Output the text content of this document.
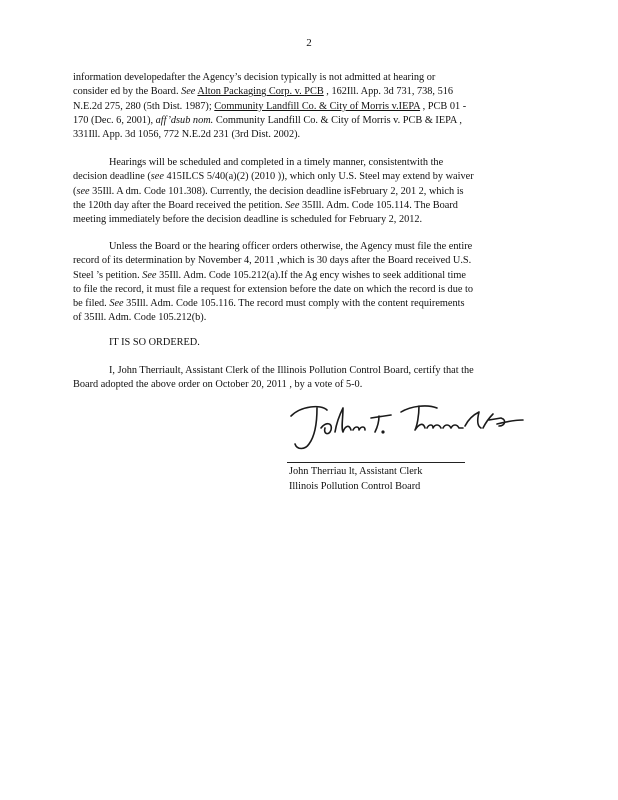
2
information developedafter the Agency’s decision typically is not admitted at hearing or
consider ed by the Board. See Alton Packaging Corp. v. PCB , 162Ill. App. 3d 731, 738, 516
N.E.2d 275, 280 (5th Dist. 1987); Community Landfill Co. & City of Morris v.IEPA , PCB 01 -
170 (Dec. 6, 2001), aff’dsub nom. Community Landfill Co. & City of Morris v. PCB & IEPA ,
331Ill. App. 3d 1056, 772 N.E.2d 231 (3rd Dist. 2002).
Hearings will be scheduled and completed in a timely manner, consistentwith the
decision deadline (see 415ILCS 5/40(a)(2) (2010 )), which only U.S. Steel may extend by waiver
(see 35Ill. A dm. Code 101.308). Currently, the decision deadline isFebruary 2, 201 2, which is
the 120th day after the Board received the petition. See 35Ill. Adm. Code 105.114. The Board
meeting immediately before the decision deadline is scheduled for February 2, 2012.
Unless the Board or the hearing officer orders otherwise, the Agency must file the entire
record of its determination by November 4, 2011 ,which is 30 days after the Board received U.S.
Steel ’s petition. See 35Ill. Adm. Code 105.212(a).If the Ag ency wishes to seek additional time
to file the record, it must file a request for extension before the date on which the record is due to
be filed. See 35Ill. Adm. Code 105.116. The record must comply with the content requirements
of 35Ill. Adm. Code 105.212(b).
IT IS SO ORDERED.
I, John Therriault, Assistant Clerk of the Illinois Pollution Control Board, certify that the
Board adopted the above order on October 20, 2011 , by a vote of 5-0.
John Therriau lt, Assistant Clerk
Illinois Pollution Control Board
